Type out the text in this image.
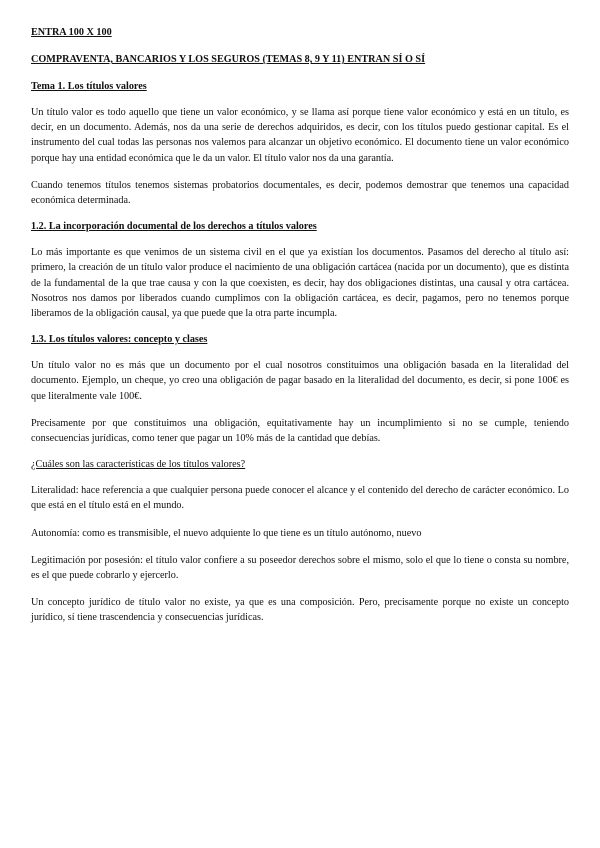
ENTRA 100 X 100

COMPRAVENTA, BANCARIOS Y LOS SEGUROS (TEMAS 8, 9 Y 11) ENTRAN SÍ O SÍ

Tema 1. Los títulos valores

Un título valor es todo aquello que tiene un valor económico, y se llama así porque tiene valor económico y está en un título, es decir, en un documento. Además, nos da una serie de derechos adquiridos, es decir, con los títulos puedo gestionar capital. Es el instrumento del cual todas las personas nos valemos para alcanzar un objetivo económico. El documento tiene un valor económico porque hay una entidad económica que le da un valor. El título valor nos da una garantía.

Cuando tenemos títulos tenemos sistemas probatorios documentales, es decir, podemos demostrar que tenemos una capacidad económica determinada.

1.2. La incorporación documental de los derechos a títulos valores

Lo más importante es que venimos de un sistema civil en el que ya existían los documentos. Pasamos del derecho al título así: primero, la creación de un título valor produce el nacimiento de una obligación cartácea (nacida por un documento), que es distinta de la fundamental de la que trae causa y con la que coexisten, es decir, hay dos obligaciones distintas, una causal y otra cartácea. Nosotros nos damos por liberados cuando cumplimos con la obligación cartácea, es decir, pagamos, pero no tenemos porque liberamos de la obligación causal, ya que puede que la otra parte incumpla.

1.3. Los títulos valores: concepto y clases

Un título valor no es más que un documento por el cual nosotros constituimos una obligación basada en la literalidad del documento. Ejemplo, un cheque, yo creo una obligación de pagar basado en la literalidad del documento, es decir, si pone 100€ es que literalmente vale 100€.

Precisamente por que constituimos una obligación, equitativamente hay un incumplimiento si no se cumple, teniendo consecuencias jurídicas, como tener que pagar un 10% más de la cantidad que debías.

¿Cuáles son las características de los títulos valores?

Literalidad: hace referencia a que cualquier persona puede conocer el alcance y el contenido del derecho de carácter económico. Lo que está en el título está en el mundo.

Autonomía: como es transmisible, el nuevo adquiente lo que tiene es un título autónomo, nuevo

Legitimación por posesión: el título valor confiere a su poseedor derechos sobre el mismo, solo el que lo tiene o consta su nombre, es el que puede cobrarlo y ejercerlo.

Un concepto jurídico de título valor no existe, ya que es una composición. Pero, precisamente porque no existe un concepto jurídico, sí tiene trascendencia y consecuencias jurídicas.
